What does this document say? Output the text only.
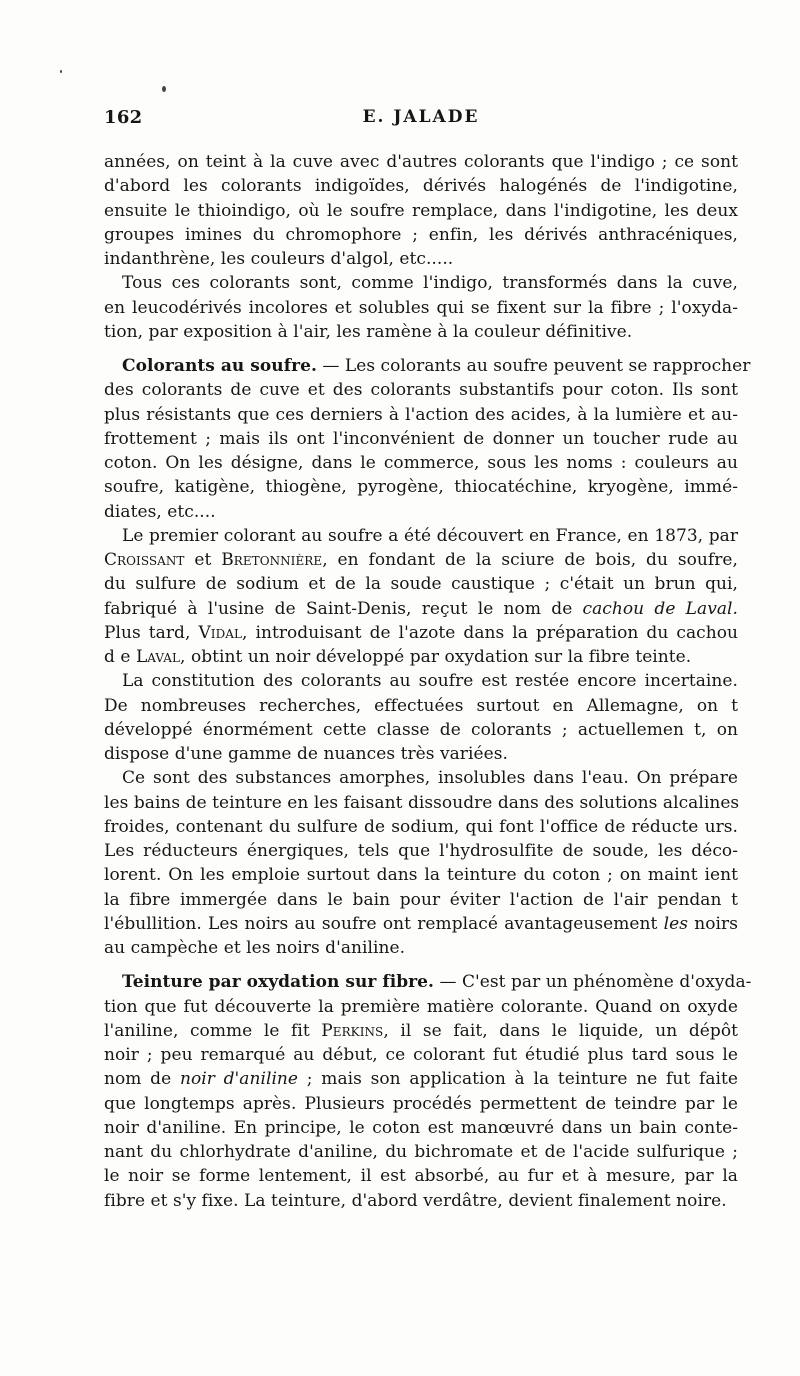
162	E. JALADE
années, on teint à la cuve avec d'autres colorants que l'indigo ; ce sont
d'abord les colorants indigoïdes, dérivés halogénés de l'indigotine,
ensuite le thioindigo, où le soufre remplace, dans l'indigotine, les deux
groupes imines du chromophore ; enfin, les dérivés anthracéniques,
indanthrène, les couleurs d'algol, etc.....
Tous ces colorants sont, comme l'indigo, transformés dans la cuve,
en leucodérivés incolores et solubles qui se fixent sur la fibre ; l'oxyda-
tion, par exposition à l'air, les ramène à la couleur définitive.
Colorants au soufre. — Les colorants au soufre peuvent se rapprocher
des colorants de cuve et des colorants substantifs pour coton. Ils sont
plus résistants que ces derniers à l'action des acides, à la lumière et au-
frottement ; mais ils ont l'inconvénient de donner un toucher rude au
coton. On les désigne, dans le commerce, sous les noms : couleurs au
soufre, katigène, thiogène, pyrogène, thiocatéchine, kryogène, immé-
diates, etc....
Le premier colorant au soufre a été découvert en France, en 1873, par
Croissant et Bretonnière, en fondant de la sciure de bois, du soufre,
du sulfure de sodium et de la soude caustique ; c'était un brun qui,
fabriqué à l'usine de Saint-Denis, reçut le nom de cachou de Laval.
Plus tard, Vidal, introduisant de l'azote dans la préparation du cachou
d e Laval, obtint un noir développé par oxydation sur la fibre teinte.
La constitution des colorants au soufre est restée encore incertaine.
De nombreuses recherches, effectuées surtout en Allemagne, on t
développé énormément cette classe de colorants ; actuellemen t, on
dispose d'une gamme de nuances très variées.
Ce sont des substances amorphes, insolubles dans l'eau. On prépare
les bains de teinture en les faisant dissoudre dans des solutions alcalines
froides, contenant du sulfure de sodium, qui font l'office de réducte urs.
Les réducteurs énergiques, tels que l'hydrosulfite de soude, les déco-
lorent. On les emploie surtout dans la teinture du coton ; on maint ient
la fibre immergée dans le bain pour éviter l'action de l'air pendan t
l'ébullition. Les noirs au soufre ont remplacé avantageusement les noirs
au campèche et les noirs d'aniline.
Teinture par oxydation sur fibre. — C'est par un phénomène d'oxyda-
tion que fut découverte la première matière colorante. Quand on oxyde
l'aniline, comme le fit Perkins, il se fait, dans le liquide, un dépôt
noir ; peu remarqué au début, ce colorant fut étudié plus tard sous le
nom de noir d'aniline ; mais son application à la teinture ne fut faite
que longtemps après. Plusieurs procédés permettent de teindre par le
noir d'aniline. En principe, le coton est manœuvré dans un bain conte-
nant du chlorhydrate d'aniline, du bichromate et de l'acide sulfurique ;
le noir se forme lentement, il est absorbé, au fur et à mesure, par la
fibre et s'y fixe. La teinture, d'abord verdâtre, devient finalement noire.
